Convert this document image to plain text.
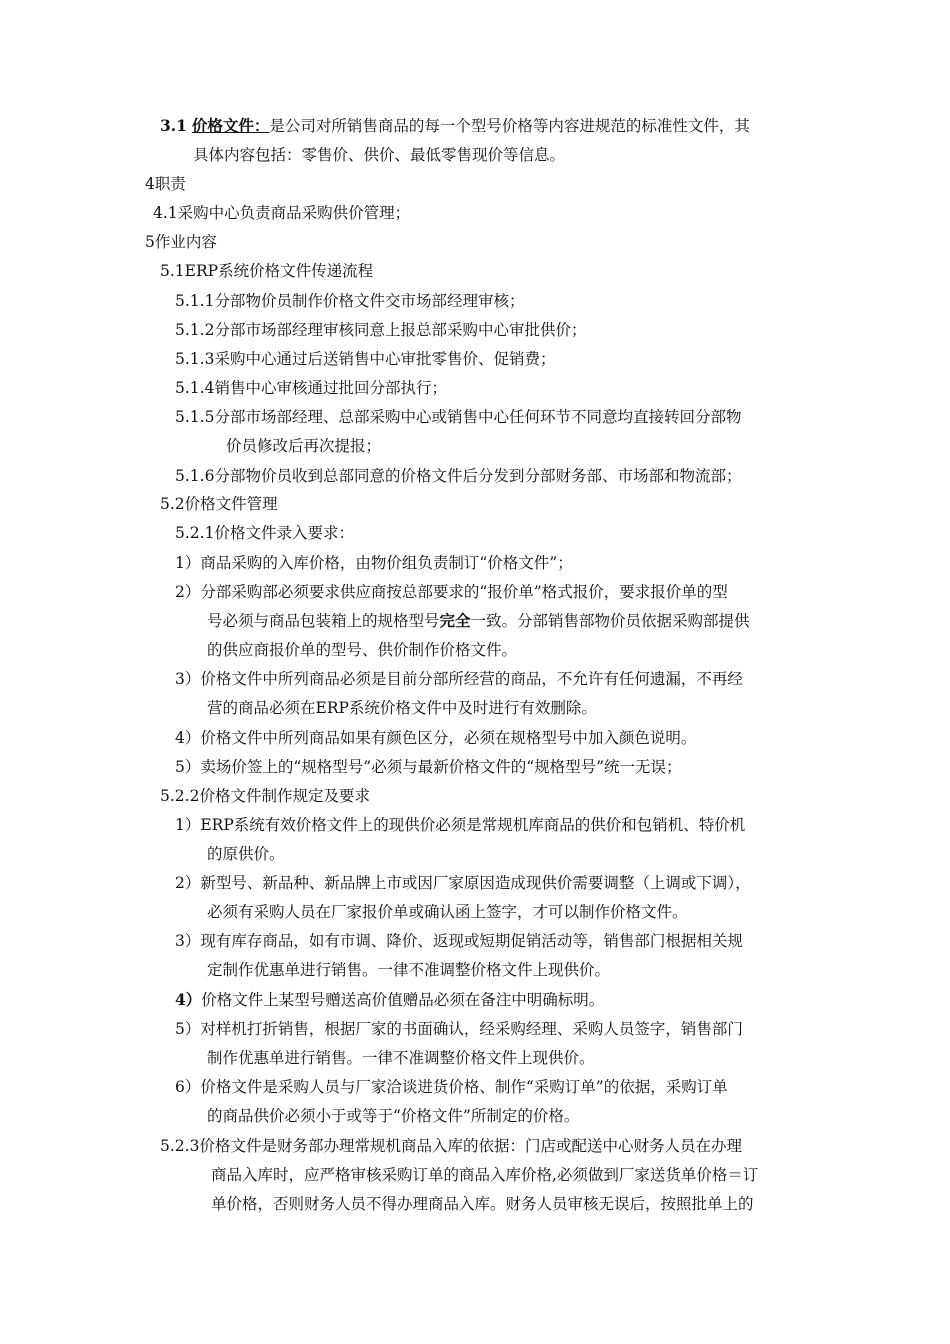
3.1 价格文件：是公司对所销售商品的每一个型号价格等内容进规范的标准性文件，其
具体内容包括：零售价、供价、最低零售现价等信息。
4职责
4.1采购中心负责商品采购供价管理；
5作业内容
5.1ERP系统价格文件传递流程
5.1.1分部物价员制作价格文件交市场部经理审核；
5.1.2分部市场部经理审核同意上报总部采购中心审批供价；
5.1.3采购中心通过后送销售中心审批零售价、促销费；
5.1.4销售中心审核通过批回分部执行；
5.1.5分部市场部经理、总部采购中心或销售中心任何环节不同意均直接转回分部物
价员修改后再次提报；
5.1.6分部物价员收到总部同意的价格文件后分发到分部财务部、市场部和物流部；
5.2价格文件管理
5.2.1价格文件录入要求：
1）商品采购的入库价格，由物价组负责制订“价格文件”；
2）分部采购部必须要求供应商按总部要求的“报价单”格式报价，要求报价单的型
号必须与商品包装箱上的规格型号完全一致。分部销售部物价员依据采购部提供
的供应商报价单的型号、供价制作价格文件。
3）价格文件中所列商品必须是目前分部所经营的商品，不允许有任何遗漏，不再经
营的商品必须在ERP系统价格文件中及时进行有效删除。
4）价格文件中所列商品如果有颜色区分，必须在规格型号中加入颜色说明。
5）卖场价签上的“规格型号”必须与最新价格文件的“规格型号”统一无误；
5.2.2价格文件制作规定及要求
1）ERP系统有效价格文件上的现供价必须是常规机库商品的供价和包销机、特价机
的原供价。
2）新型号、新品种、新品牌上市或因厂家原因造成现供价需要调整（上调或下调），
必须有采购人员在厂家报价单或确认函上签字，才可以制作价格文件。
3）现有库存商品，如有市调、降价、返现或短期促销活动等，销售部门根据相关规
定制作优惠单进行销售。一律不准调整价格文件上现供价。
4）价格文件上某型号赠送高价值赠品必须在备注中明确标明。
5）对样机打折销售，根据厂家的书面确认，经采购经理、采购人员签字，销售部门
制作优惠单进行销售。一律不准调整价格文件上现供价。
6）价格文件是采购人员与厂家洽谈进货价格、制作“采购订单”的依据，采购订单
的商品供价必须小于或等于“价格文件”所制定的价格。
5.2.3价格文件是财务部办理常规机商品入库的依据：门店或配送中心财务人员在办理
商品入库时，应严格审核采购订单的商品入库价格,必须做到厂家送货单价格＝订
单价格，否则财务人员不得办理商品入库。财务人员审核无误后，按照批单上的
